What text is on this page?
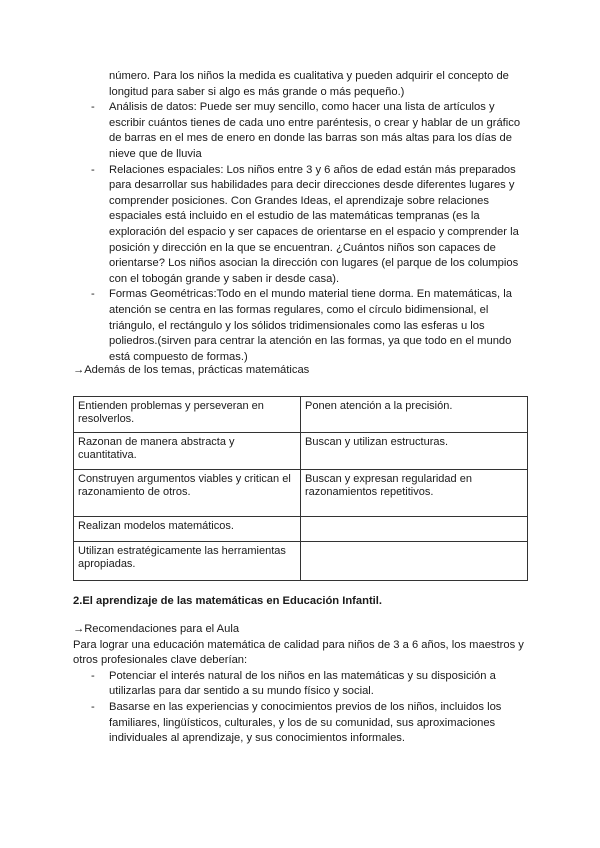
número. Para los niños la medida es cualitativa y pueden adquirir el concepto de longitud para saber si algo es más grande o más pequeño.)
- Análisis de datos: Puede ser muy sencillo, como hacer una lista de artículos y escribir cuántos tienes de cada uno entre paréntesis, o crear y hablar de un gráfico de barras en el mes de enero en donde las barras son más altas para los días de nieve que de lluvia
- Relaciones espaciales: Los niños entre 3 y 6 años de edad están más preparados para desarrollar sus habilidades para decir direcciones desde diferentes lugares y comprender posiciones. Con Grandes Ideas, el aprendizaje sobre relaciones espaciales está incluido en el estudio de las matemáticas tempranas (es la exploración del espacio y ser capaces de orientarse en el espacio y comprender la posición y dirección en la que se encuentran. ¿Cuántos niños son capaces de orientarse? Los niños asocian la dirección con lugares (el parque de los columpios con el tobogán grande y saben ir desde casa).
- Formas Geométricas:Todo en el mundo material tiene dorma. En matemáticas, la atención se centra en las formas regulares, como el círculo bidimensional, el triángulo, el rectángulo y los sólidos tridimensionales como las esferas u los poliedros.(sirven para centrar la atención en las formas, ya que todo en el mundo está compuesto de formas.)
→Además de los temas, prácticas matemáticas
Entienden problemas y perseveran en resolverlos.	Ponen atención a la precisión.
Razonan de manera abstracta y cuantitativa.	Buscan y utilizan estructuras.
Construyen argumentos viables y critican el razonamiento de otros.	Buscan y expresan regularidad en razonamientos repetitivos.
Realizan modelos matemáticos.	
Utilizan estratégicamente las herramientas apropiadas.	
2.El aprendizaje de las matemáticas en Educación Infantil.
→Recomendaciones para el Aula
Para lograr una educación matemática de calidad para niños de 3 a 6 años, los maestros y otros profesionales clave deberían:
- Potenciar el interés natural de los niños en las matemáticas y su disposición a utilizarlas para dar sentido a su mundo físico y social.
- Basarse en las experiencias y conocimientos previos de los niños, incluidos los familiares, lingüísticos, culturales, y los de su comunidad, sus aproximaciones individuales al aprendizaje, y sus conocimientos informales.
